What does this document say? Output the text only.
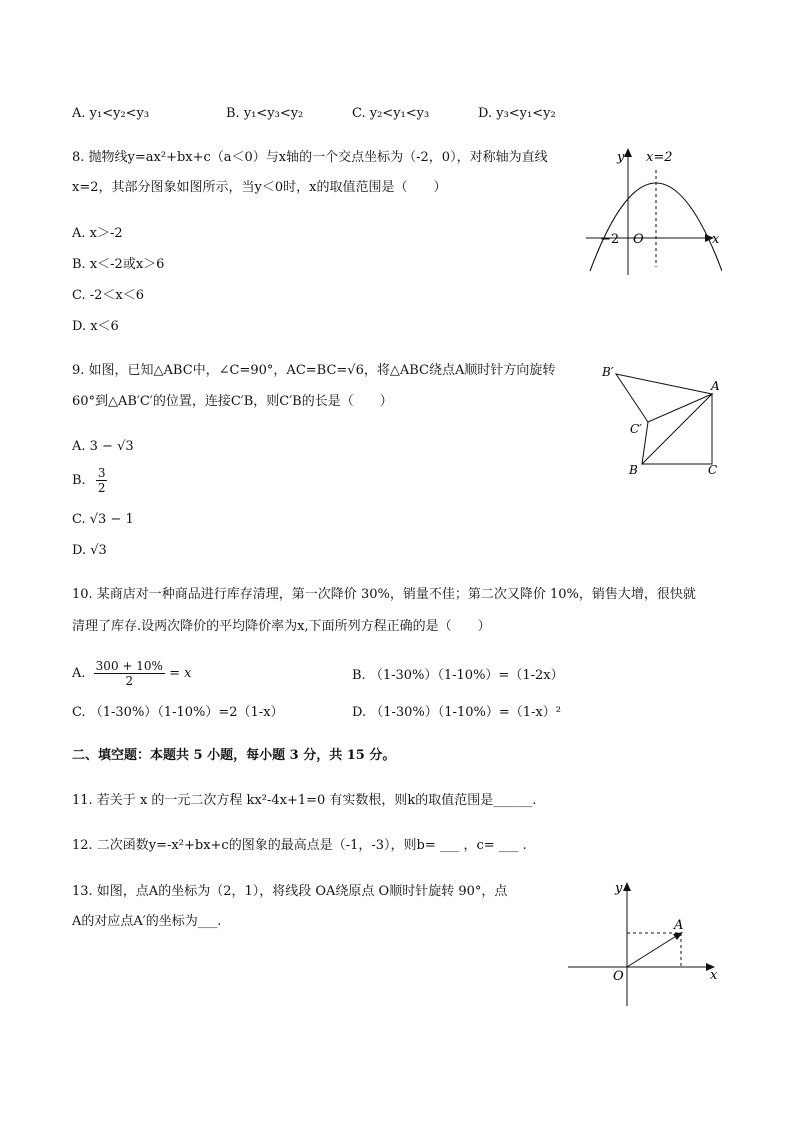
A. y₁<y₂<y₃	B. y₁<y₃<y₂	C. y₂<y₁<y₃	D. y₃<y₁<y₂
8. 抛物线y=ax²+bx+c（a＜0）与x轴的一个交点坐标为（-2，0），对称轴为直线
x=2，其部分图象如图所示，当y＜0时，x的取值范围是（　　）
A. x＞-2
B. x＜-2或x＞6
C. -2＜x＜6
D. x＜6
y x=2
x
−2 O
9. 如图，已知△ABC中，∠C=90°，AC=BC=√6，将△ABC绕点A顺时针方向旋转
60°到△AB′C′的位置，连接C′B，则C′B的长是（　　）
A. 3 − √3
B. $\frac{3}{2}$
C. √3 − 1
D. √3
B′
A
C′
B	C
10. 某商店对一种商品进行库存清理，第一次降价 30%，销量不佳；第二次又降价 10%，销售大增，很快就
清理了库存.设两次降价的平均降价率为x,下面所列方程正确的是（　　）
A. $\frac{300 + 10\%}{2} = x$	B. （1-30%）（1-10%）=（1-2x）
C. （1-30%）（1-10%）=2（1-x）	D. （1-30%）（1-10%）=（1-x）²
二、填空题：本题共 5 小题，每小题 3 分，共 15 分。
11. 若关于 x 的一元二次方程 kx²-4x+1=0 有实数根，则k的取值范围是______.
12. 二次函数y=-x²+bx+c的图象的最高点是（-1，-3），则b= ___ ，c= ___ .
13. 如图，点A的坐标为（2，1），将线段 OA绕原点 O顺时针旋转 90°，点
A的对应点A′的坐标为___.
y
A
O	x
